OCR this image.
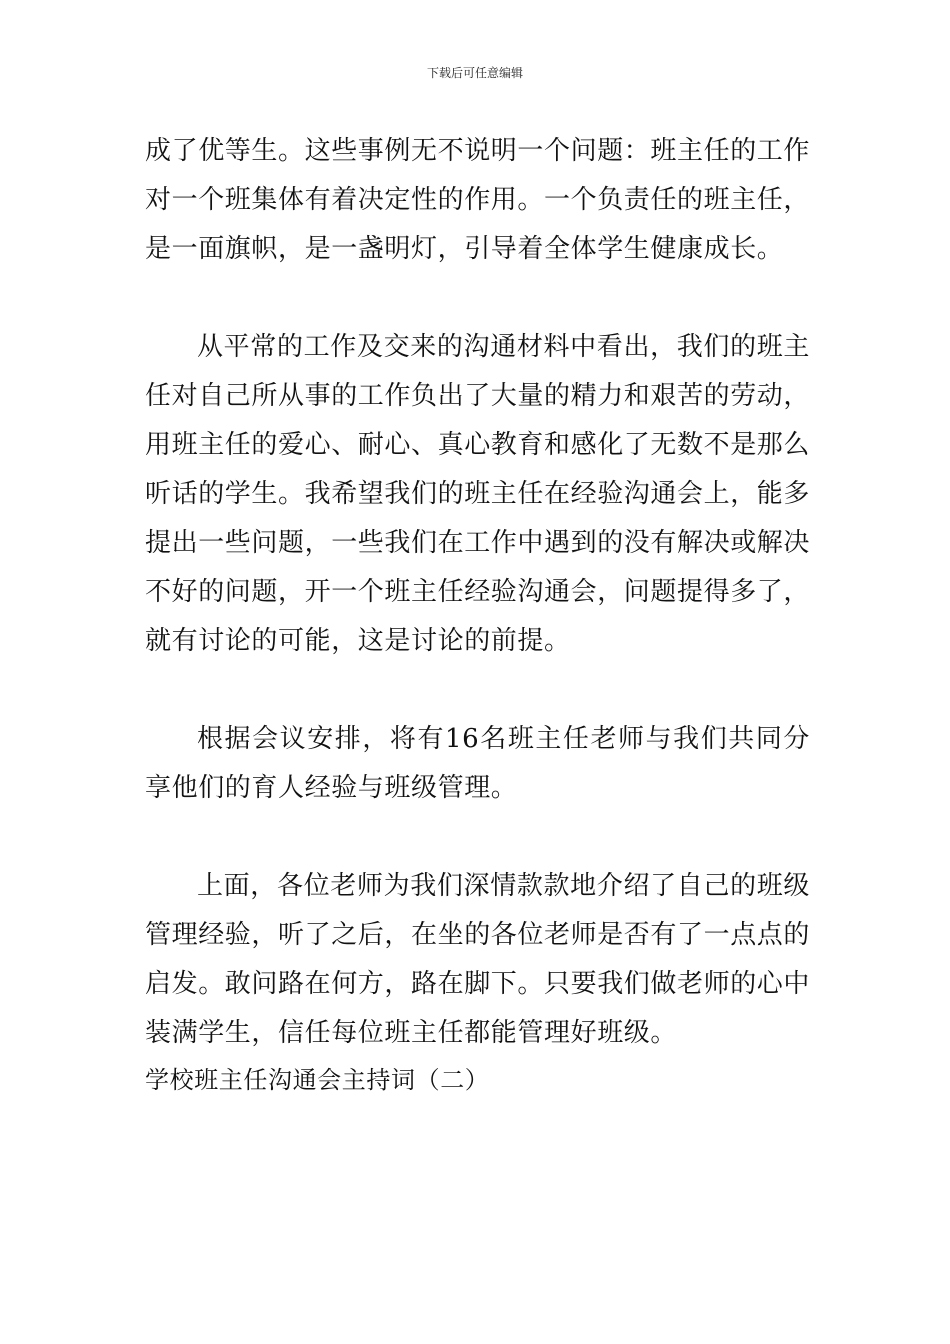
下载后可任意编辑

成了优等生。这些事例无不说明一个问题：班主任的工作对一个班集体有着决定性的作用。一个负责任的班主任，是一面旗帜，是一盏明灯，引导着全体学生健康成长。

从平常的工作及交来的沟通材料中看出，我们的班主任对自己所从事的工作负出了大量的精力和艰苦的劳动，用班主任的爱心、耐心、真心教育和感化了无数不是那么听话的学生。我希望我们的班主任在经验沟通会上，能多提出一些问题，一些我们在工作中遇到的没有解决或解决不好的问题，开一个班主任经验沟通会，问题提得多了，就有讨论的可能，这是讨论的前提。

根据会议安排，将有16名班主任老师与我们共同分享他们的育人经验与班级管理。

上面，各位老师为我们深情款款地介绍了自己的班级管理经验，听了之后，在坐的各位老师是否有了一点点的启发。敢问路在何方，路在脚下。只要我们做老师的心中装满学生，信任每位班主任都能管理好班级。

学校班主任沟通会主持词（二）
